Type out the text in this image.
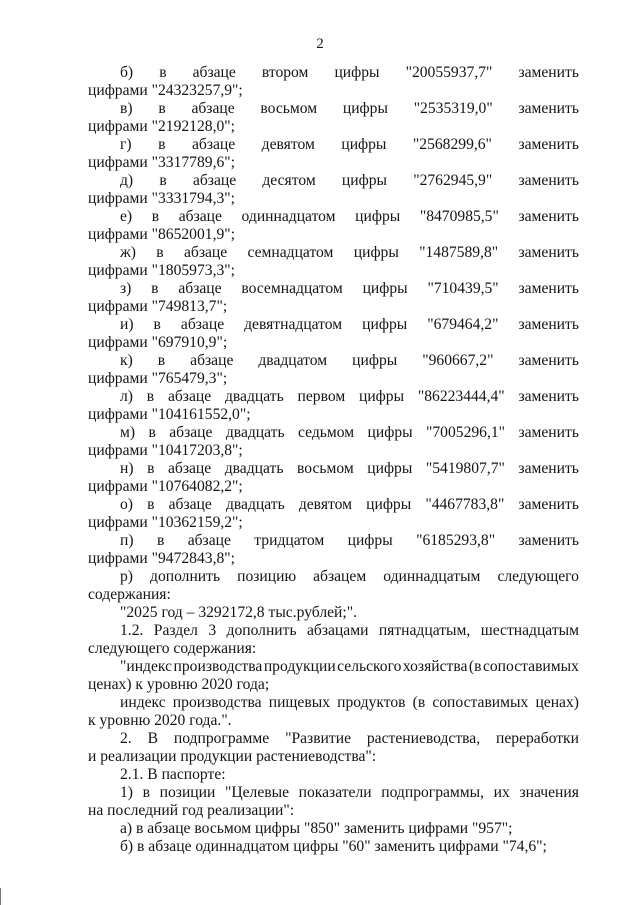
2
б) в абзаце втором цифры "20055937,7" заменить
цифрами "24323257,9";
в) в абзаце восьмом цифры "2535319,0" заменить
цифрами "2192128,0";
г) в абзаце девятом цифры "2568299,6" заменить
цифрами "3317789,6";
д) в абзаце десятом цифры "2762945,9" заменить
цифрами "3331794,3";
е) в абзаце одиннадцатом цифры "8470985,5" заменить
цифрами "8652001,9";
ж) в абзаце семнадцатом цифры "1487589,8" заменить
цифрами "1805973,3";
з) в абзаце восемнадцатом цифры "710439,5" заменить
цифрами "749813,7";
и) в абзаце девятнадцатом цифры "679464,2" заменить
цифрами "697910,9";
к) в абзаце двадцатом цифры "960667,2" заменить
цифрами "765479,3";
л) в абзаце двадцать первом цифры "86223444,4" заменить
цифрами "104161552,0";
м) в абзаце двадцать седьмом цифры "7005296,1" заменить
цифрами "10417203,8";
н) в абзаце двадцать восьмом цифры "5419807,7" заменить
цифрами "10764082,2";
о) в абзаце двадцать девятом цифры "4467783,8" заменить
цифрами "10362159,2";
п) в абзаце тридцатом цифры "6185293,8" заменить
цифрами "9472843,8";
р) дополнить позицию абзацем одиннадцатым следующего
содержания:
"2025 год – 3292172,8 тыс.рублей;".
1.2. Раздел 3 дополнить абзацами пятнадцатым, шестнадцатым
следующего содержания:
"индекс производства продукции сельского хозяйства (в сопоставимых
ценах) к уровню 2020 года;
индекс производства пищевых продуктов (в сопоставимых ценах)
к уровню 2020 года.".
2. В подпрограмме "Развитие растениеводства, переработки
и реализации продукции растениеводства":
2.1. В паспорте:
1) в позиции "Целевые показатели подпрограммы, их значения
на последний год реализации":
а) в абзаце восьмом цифры "850" заменить цифрами "957";
б) в абзаце одиннадцатом цифры "60" заменить цифрами "74,6";
